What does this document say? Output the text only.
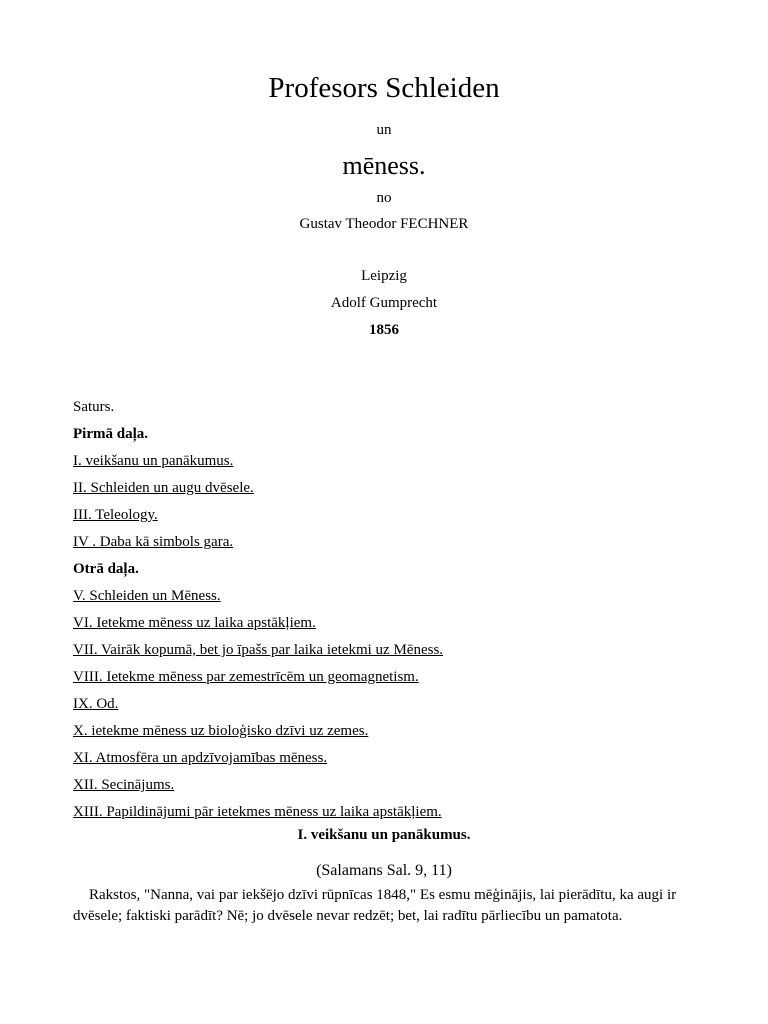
Profesors Schleiden
un
mēness.
no
Gustav Theodor FECHNER
Leipzig
Adolf Gumprecht
1856
Saturs.
Pirmā daļa.
I. veikšanu un panākumus.
II. Schleiden un augu dvēsele.
III. Teleology.
IV . Daba kā simbols gara.
Otrā daļa.
V. Schleiden un Mēness.
VI. Ietekme mēness uz laika apstākļiem.
VII. Vairāk kopumā, bet jo īpašs par laika ietekmi uz Mēness.
VIII. Ietekme mēness par zemestrīcēm un geomagnetism.
IX. Od.
X. ietekme mēness uz bioloģisko dzīvi uz zemes.
XI. Atmosfēra un apdzīvojamības mēness.
XII. Secinājums.
XIII. Papildinājumi pār ietekmes mēness uz laika apstākļiem.
I. veikšanu un panākumus.
(Salamans Sal. 9, 11)
Rakstos, "Nanna, vai par iekšējo dzīvi rūpnīcas 1848," Es esmu mēģinājis, lai pierādītu, ka augi ir dvēsele; faktiski parādīt? Nē; jo dvēsele nevar redzēt; bet, lai radītu pārliecību un pamatota.
